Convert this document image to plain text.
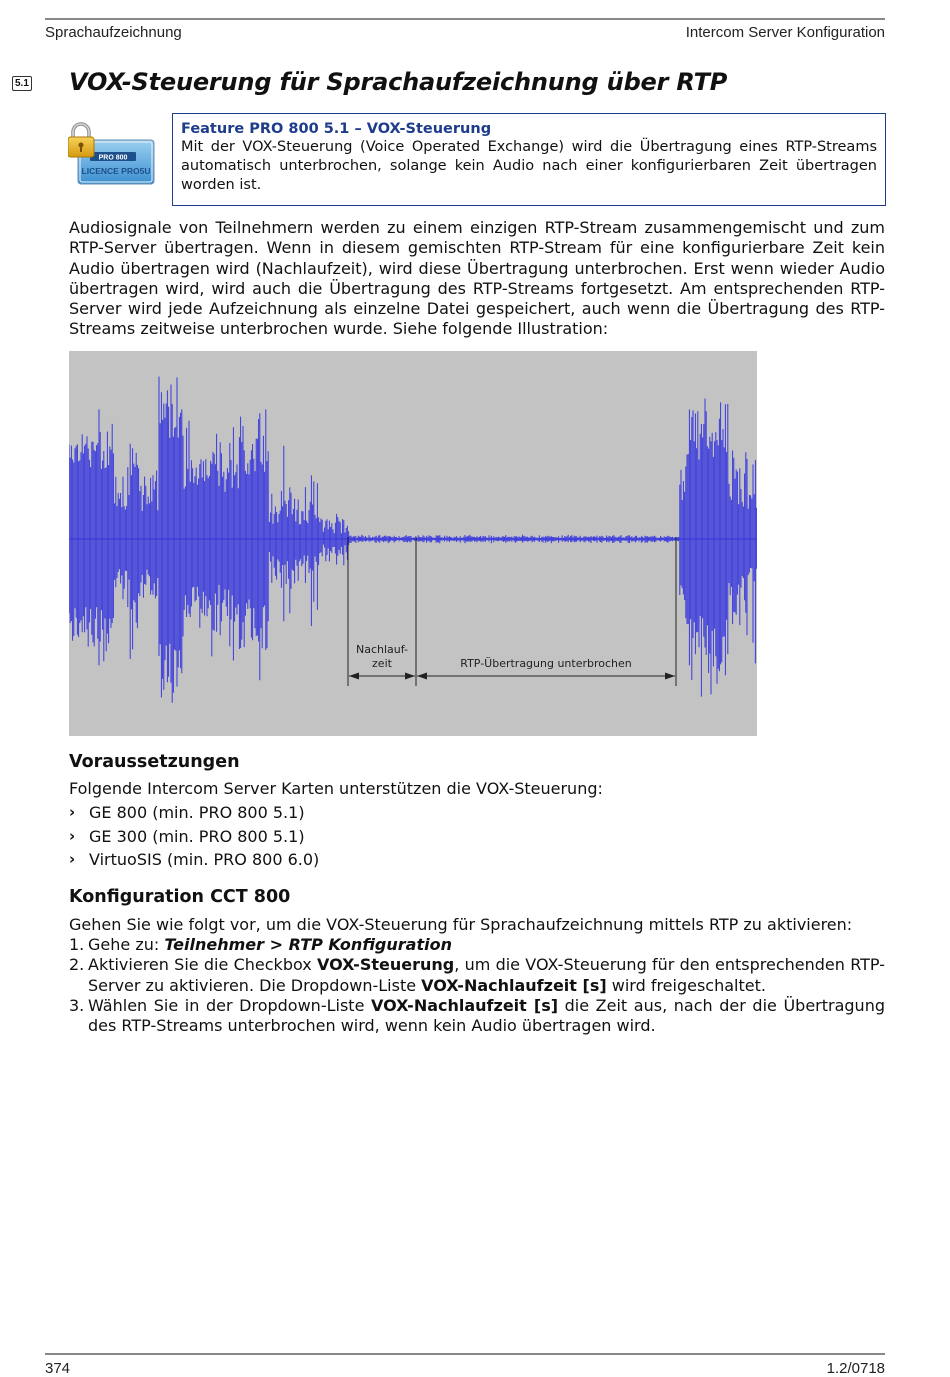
Sprachaufzeichnung	Intercom Server Konfiguration
5.1 VOX-Steuerung für Sprachaufzeichnung über RTP
PRO 800
LICENCE PRO5U
Feature PRO 800 5.1 – VOX-Steuerung
Mit der VOX-Steuerung (Voice Operated Exchange) wird die Übertragung eines RTP-Streams automatisch unterbrochen, solange kein Audio nach einer konfigurierbaren Zeit übertragen worden ist.

Audiosignale von Teilnehmern werden zu einem einzigen RTP-Stream zusammengemischt und zum RTP-Server übertragen. Wenn in diesem gemischten RTP-Stream für eine konfigurierbare Zeit kein Audio übertragen wird (Nachlaufzeit), wird diese Übertragung unterbrochen. Erst wenn wieder Audio übertragen wird, wird auch die Übertragung des RTP-Streams fortgesetzt. Am entsprechenden RTP-Server wird jede Aufzeichnung als einzelne Datei gespeichert, auch wenn die Übertragung des RTP-Streams zeitweise unterbrochen wurde. Siehe folgende Illustration:

Nachlauf-
zeit	RTP-Übertragung unterbrochen
Voraussetzungen

Folgende Intercom Server Karten unterstützen die VOX-Steuerung:

› GE 800 (min. PRO 800 5.1)
› GE 300 (min. PRO 800 5.1)
› VirtuoSIS (min. PRO 800 6.0)
Konfiguration CCT 800

Gehen Sie wie folgt vor, um die VOX-Steuerung für Sprachaufzeichnung mittels RTP zu aktivieren:

1. Gehe zu: Teilnehmer > RTP Konfiguration
2. Aktivieren Sie die Checkbox VOX-Steuerung, um die VOX-Steuerung für den entsprechenden RTP-Server zu aktivieren. Die Dropdown-Liste VOX-Nachlaufzeit [s] wird freigeschaltet.
3. Wählen Sie in der Dropdown-Liste VOX-Nachlaufzeit [s] die Zeit aus, nach der die Übertragung des RTP-Streams unterbrochen wird, wenn kein Audio übertragen wird.
374	1.2/0718
